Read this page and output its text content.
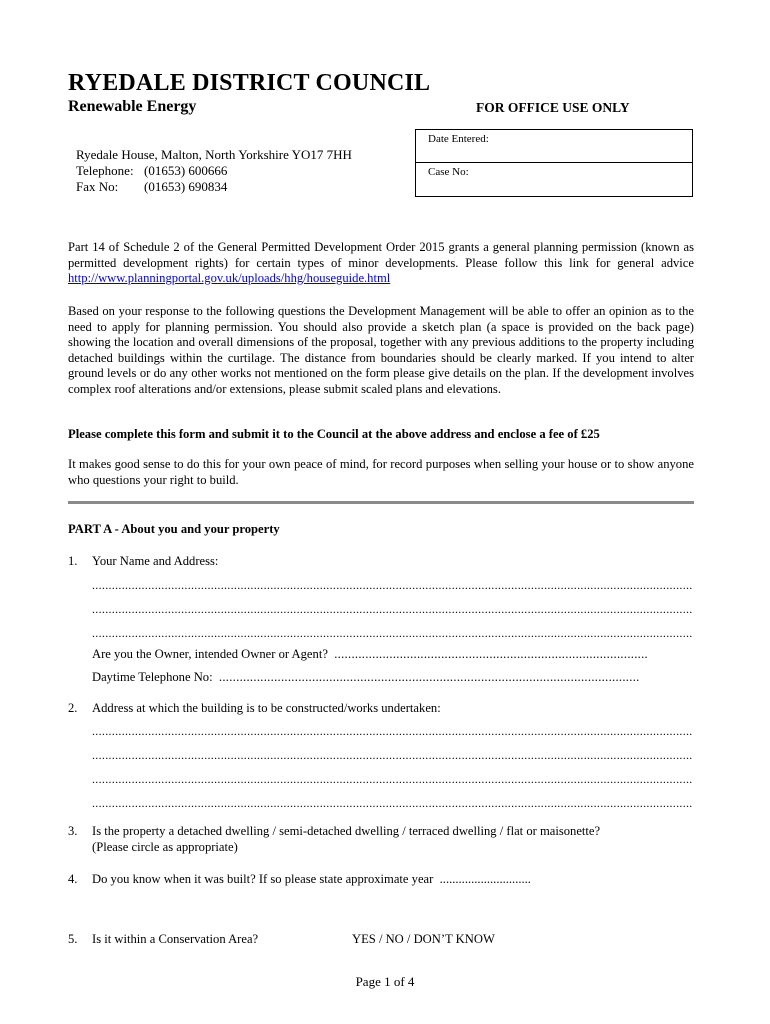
RYEDALE DISTRICT COUNCIL
Renewable Energy	FOR OFFICE USE ONLY
Date Entered:
Case No:
Ryedale House, Malton, North Yorkshire YO17 7HH
Telephone: (01653) 600666
Fax No: (01653) 690834
Part 14 of Schedule 2 of the General Permitted Development Order 2015 grants a general planning permission (known as permitted development rights) for certain types of minor developments. Please follow this link for general advice http://www.planningportal.gov.uk/uploads/hhg/houseguide.html
Based on your response to the following questions the Development Management will be able to offer an opinion as to the need to apply for planning permission. You should also provide a sketch plan (a space is provided on the back page) showing the location and overall dimensions of the proposal, together with any previous additions to the property including detached buildings within the curtilage. The distance from boundaries should be clearly marked. If you intend to alter ground levels or do any other works not mentioned on the form please give details on the plan. If the development involves complex roof alterations and/or extensions, please submit scaled plans and elevations.
Please complete this form and submit it to the Council at the above address and enclose a fee of £25
It makes good sense to do this for your own peace of mind, for record purposes when selling your house or to show anyone who questions your right to build.
PART A - About you and your property
1. Your Name and Address:
.....
.....
.....
Are you the Owner, intended Owner or Agent? ...........................................................................................
Daytime Telephone No: ..........................................................................................................................
2. Address at which the building is to be constructed/works undertaken:
.....
.....
.....
.....
3. Is the property a detached dwelling / semi-detached dwelling / terraced dwelling / flat or maisonette?
(Please circle as appropriate)
4. Do you know when it was built? If so please state approximate year .............................
5. Is it within a Conservation Area?	YES / NO / DON’T KNOW
Page 1 of 4
